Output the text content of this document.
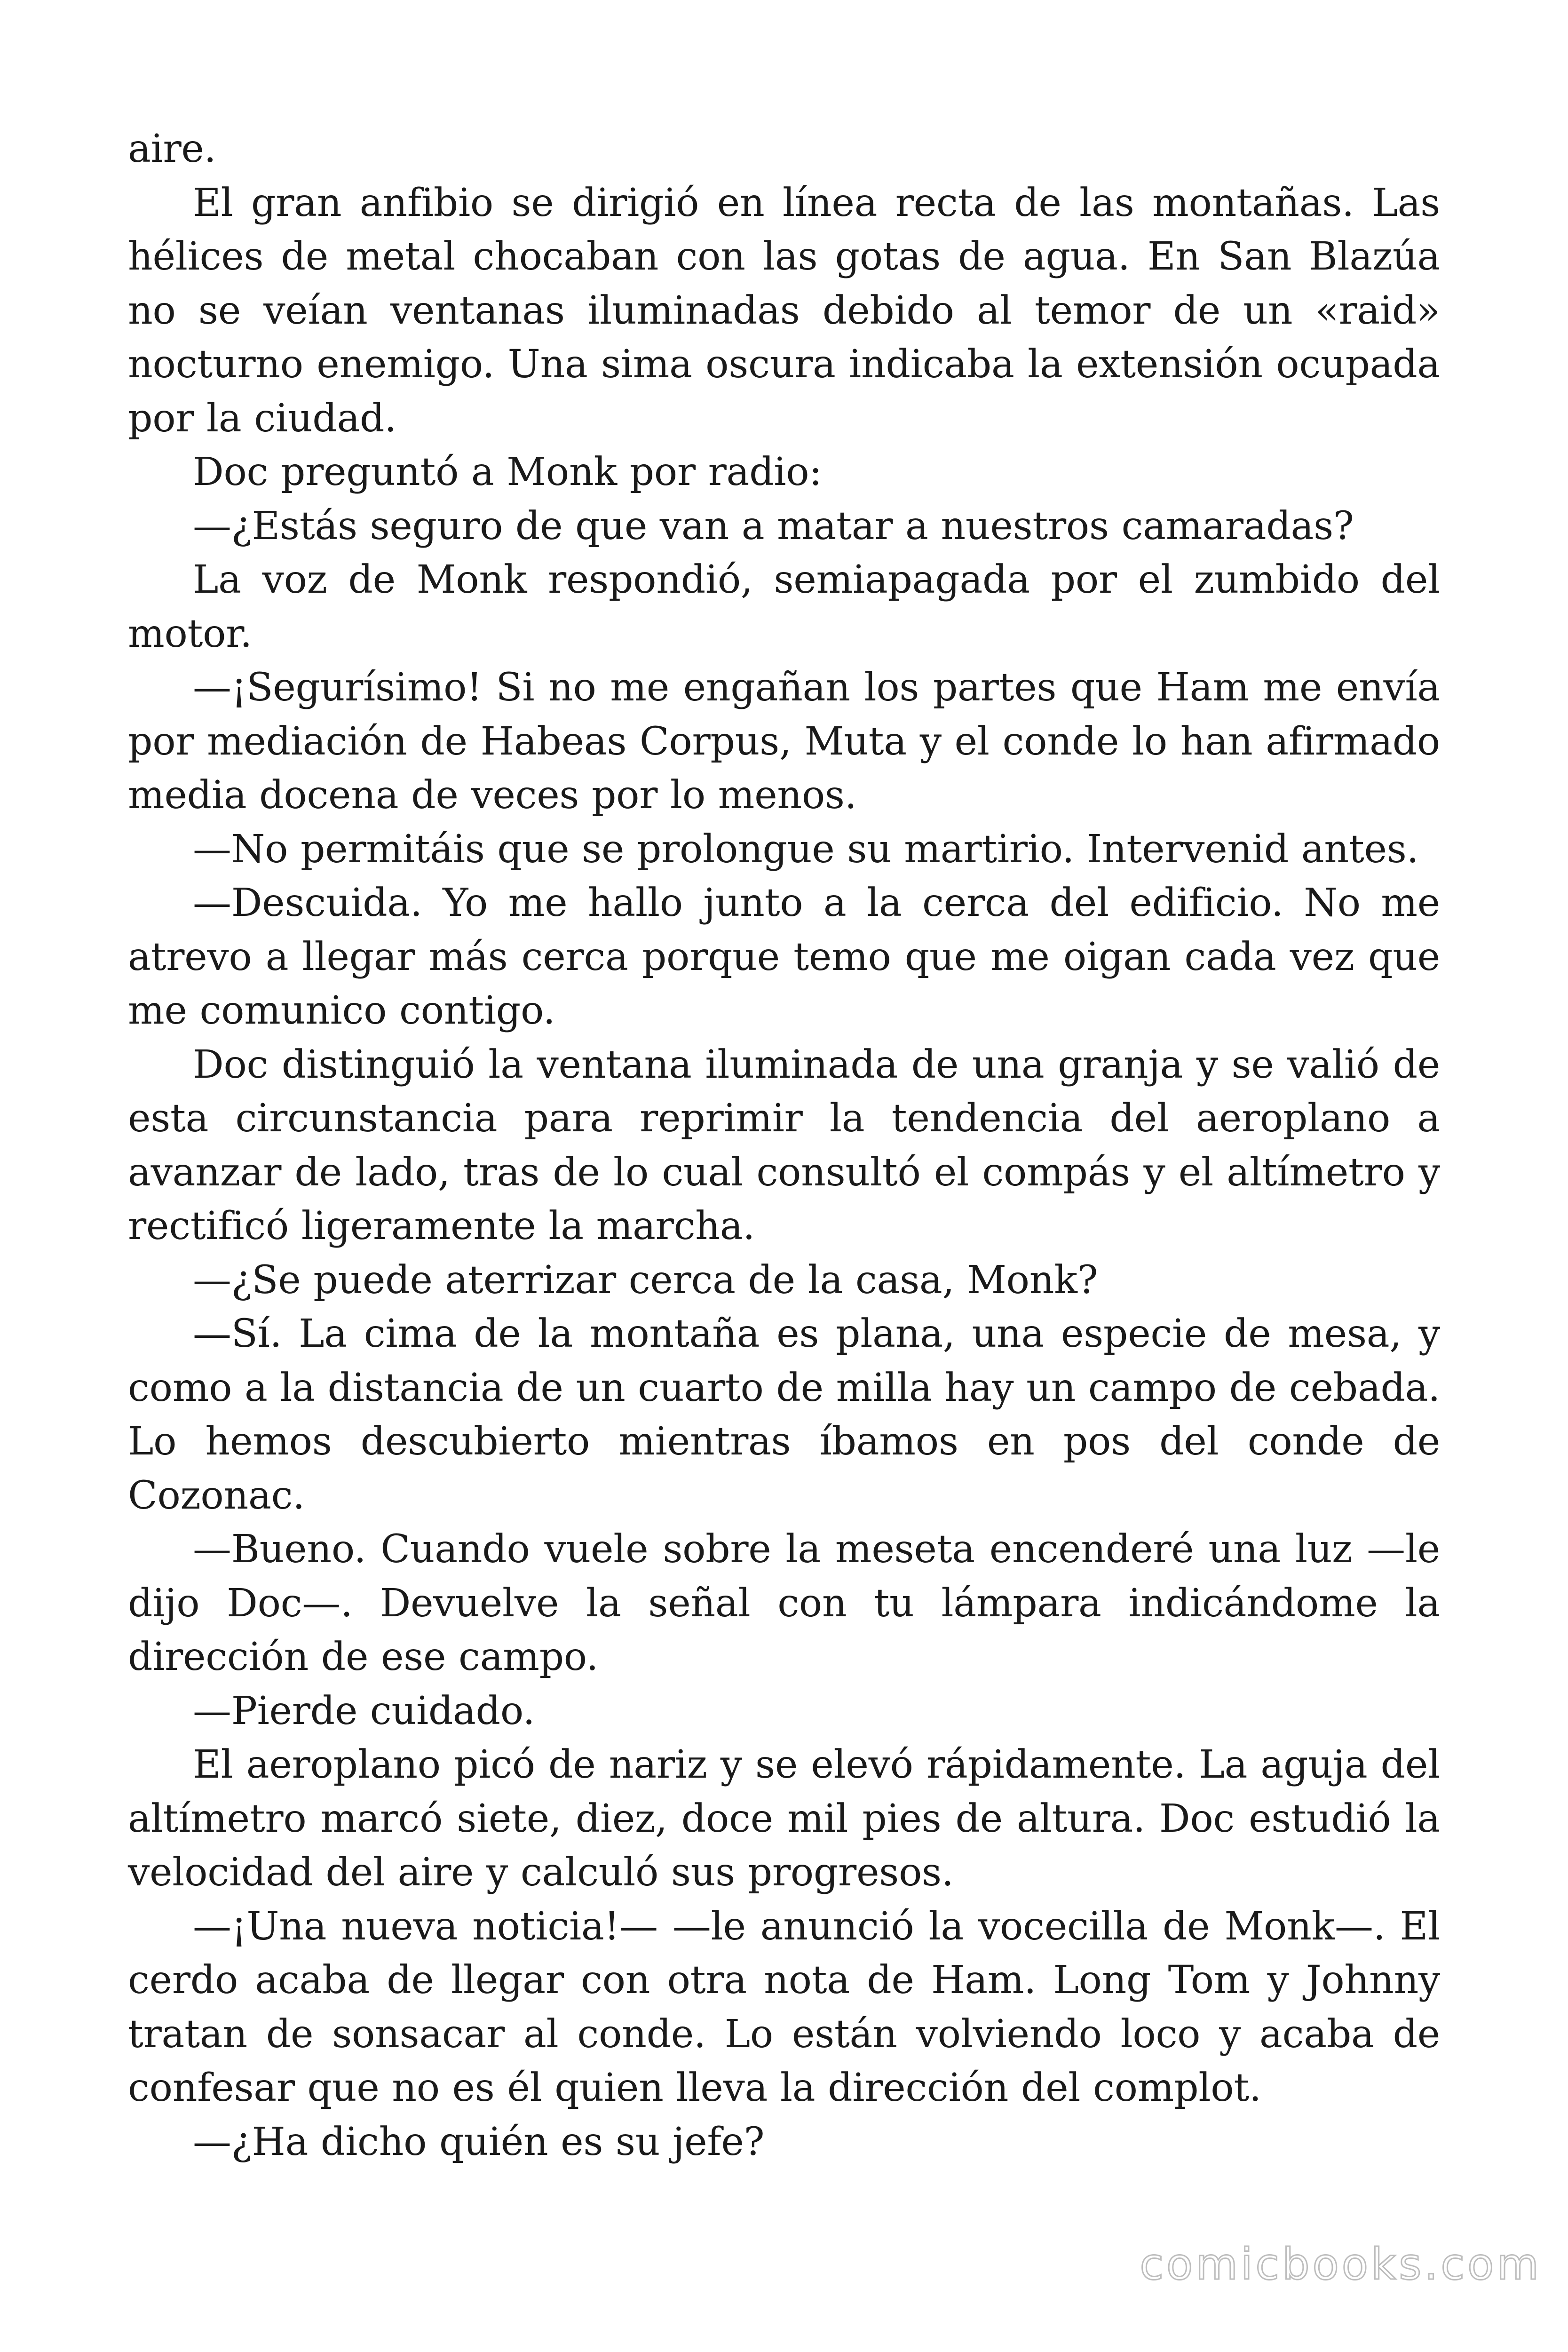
aire.

El gran anfibio se dirigió en línea recta de las montañas. Las hélices de metal chocaban con las gotas de agua. En San Blazúa no se veían ventanas iluminadas debido al temor de un «raid» nocturno enemigo. Una sima oscura indicaba la extensión ocupada por la ciudad.

Doc preguntó a Monk por radio:

—¿Estás seguro de que van a matar a nuestros camaradas?

La voz de Monk respondió, semiapagada por el zumbido del motor.

—¡Segurísimo! Si no me engañan los partes que Ham me envía por mediación de Habeas Corpus, Muta y el conde lo han afirmado media docena de veces por lo menos.

—No permitáis que se prolongue su martirio. Intervenid antes.

—Descuida. Yo me hallo junto a la cerca del edificio. No me atrevo a llegar más cerca porque temo que me oigan cada vez que me comunico contigo.

Doc distinguió la ventana iluminada de una granja y se valió de esta circunstancia para reprimir la tendencia del aeroplano a avanzar de lado, tras de lo cual consultó el compás y el altímetro y rectificó ligeramente la marcha.

—¿Se puede aterrizar cerca de la casa, Monk?

—Sí. La cima de la montaña es plana, una especie de mesa, y como a la distancia de un cuarto de milla hay un campo de cebada. Lo hemos descubierto mientras íbamos en pos del conde de Cozonac.

—Bueno. Cuando vuele sobre la meseta encenderé una luz —le dijo Doc—. Devuelve la señal con tu lámpara indicándome la dirección de ese campo.

—Pierde cuidado.

El aeroplano picó de nariz y se elevó rápidamente. La aguja del altímetro marcó siete, diez, doce mil pies de altura. Doc estudió la velocidad del aire y calculó sus progresos.

—¡Una nueva noticia!— —le anunció la vocecilla de Monk—. El cerdo acaba de llegar con otra nota de Ham. Long Tom y Johnny tratan de sonsacar al conde. Lo están volviendo loco y acaba de confesar que no es él quien lleva la dirección del complot.

—¿Ha dicho quién es su jefe?

comicbooks.com
